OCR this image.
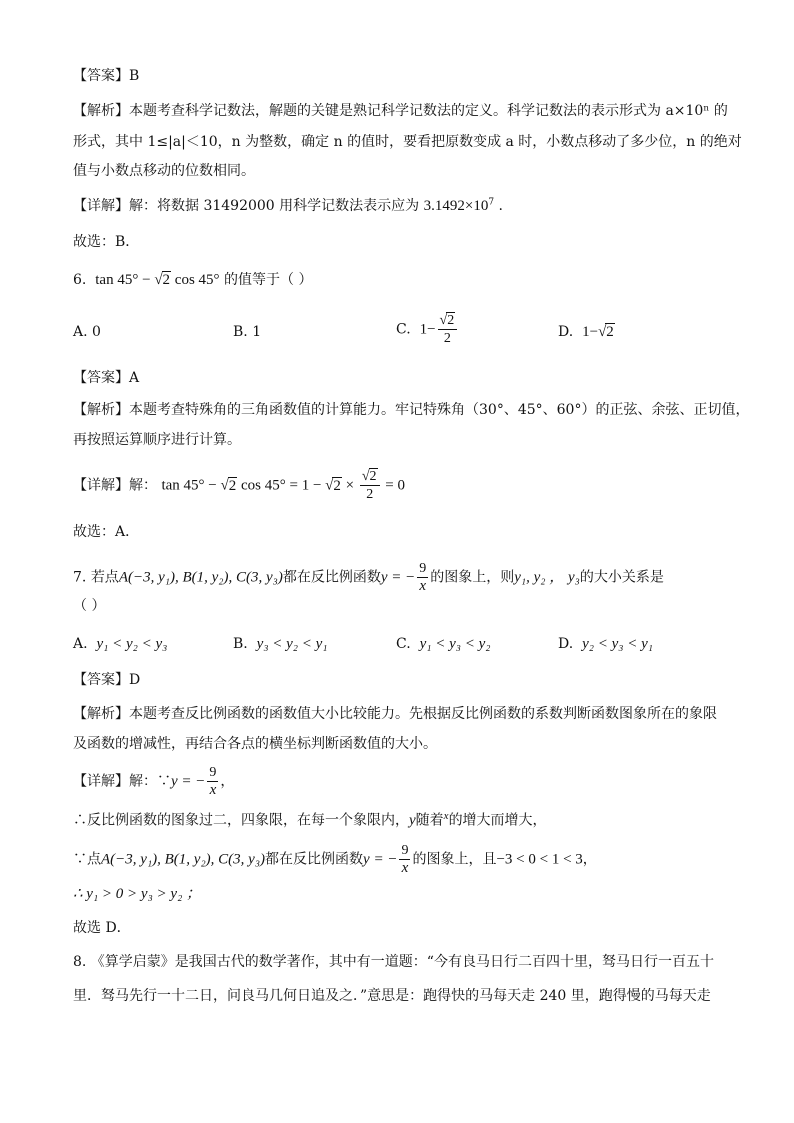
【答案】B
【解析】本题考查科学记数法，解题的关键是熟记科学记数法的定义。科学记数法的表示形式为 a×10ⁿ 的
形式，其中 1≤|a|＜10，n 为整数，确定 n 的值时，要看把原数变成 a 时，小数点移动了多少位，n 的绝对
值与小数点移动的位数相同。
【详解】解：将数据 31492000 用科学记数法表示应为 $3.1492\times 10^7$ .
故选：B．
6. tan 45° − √2 cos 45° 的值等于（ ）
A. 0	B. 1	C. $1- \frac{√2}{2}$	D. 1−√2
【答案】A
【解析】本题考查特殊角的三角函数值的计算能力。牢记特殊角（30°、45°、60°）的正弦、余弦、正切值，
再按照运算顺序进行计算。
【详解】解： tan 45° − √2 $\cos 45^\circ = 1 - √2 \times \frac{√2}{2} = 0$
故选：A．
7. 若点A(−3, y₁), B(1, y₂), C(3, y₃)都在反比例函数y = − $\frac{9}{x}$ 的图象上，则y₁, y₂ ， y₃的大小关系是
（ ）
A. y₁ < y₂ < y₃	B. y₃ < y₂ < y₁	C. y₁ < y₃ < y₂	D. y₂ < y₃ < y₁
【答案】D
【解析】本题考查反比例函数的函数值大小比较能力。先根据反比例函数的系数判断函数图象所在的象限
及函数的增减性，再结合各点的横坐标判断函数值的大小。
【详解】解：∵y = − $\frac{9}{x}$ ，
∴反比例函数的图象过二，四象限，在每一个象限内，y随着$^x$的增大而增大，
∵点A(−3, y₁), B(1, y₂), C(3, y₃)都在反比例函数y = − $\frac{9}{x}$ 的图象上，且−3 < 0 < 1 < 3，
∴ y₁ > 0 > y₃ > y₂ ；
故选 D．
8. 《算学启蒙》是我国古代的数学著作，其中有一道题：“今有良马日行二百四十里，驽马日行一百五十
里．驽马先行一十二日，问良马几何日追及之．”意思是：跑得快的马每天走 240 里，跑得慢的马每天走
